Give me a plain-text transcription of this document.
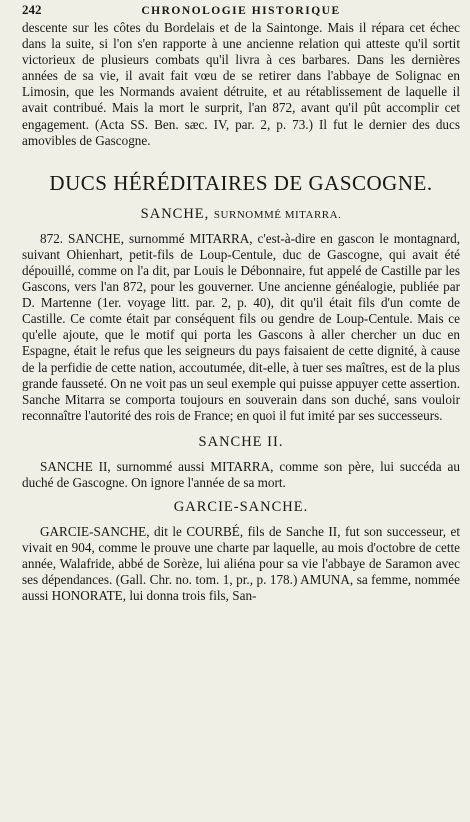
242	CHRONOLOGIE HISTORIQUE

descente sur les côtes du Bordelais et de la Saintonge. Mais il répara cet échec dans la suite, si l'on s'en rapporte à une ancienne relation qui atteste qu'il sortit victorieux de plusieurs combats qu'il livra à ces barbares. Dans les dernières années de sa vie, il avait fait vœu de se retirer dans l'abbaye de Solignac en Limosin, que les Normands avaient détruite, et au rétablissement de laquelle il avait contribué. Mais la mort le surprit, l'an 872, avant qu'il pût accomplir cet engagement. (Acta SS. Ben. sæc. IV, par. 2, p. 73.) Il fut le dernier des ducs amovibles de Gascogne.

DUCS HÉRÉDITAIRES DE GASCOGNE.
SANCHE, SURNOMMÉ MITARRA.

872. SANCHE, surnommé MITARRA, c'est-à-dire en gascon le montagnard, suivant Ohienhart, petit-fils de Loup-Centule, duc de Gascogne, qui avait été dépouillé, comme on l'a dit, par Louis le Débonnaire, fut appelé de Castille par les Gascons, vers l'an 872, pour les gouverner. Une ancienne généalogie, publiée par D. Martenne (1er. voyage litt. par. 2, p. 40), dit qu'il était fils d'un comte de Castille. Ce comte était par conséquent fils ou gendre de Loup-Centule. Mais ce qu'elle ajoute, que le motif qui porta les Gascons à aller chercher un duc en Espagne, était le refus que les seigneurs du pays faisaient de cette dignité, à cause de la perfidie de cette nation, accoutumée, dit-elle, à tuer ses maîtres, est de la plus grande fausseté. On ne voit pas un seul exemple qui puisse appuyer cette assertion. Sanche Mitarra se comporta toujours en souverain dans son duché, sans vouloir reconnaître l'autorité des rois de France; en quoi il fut imité par ses successeurs.

SANCHE II.

SANCHE II, surnommé aussi MITARRA, comme son père, lui succéda au duché de Gascogne. On ignore l'année de sa mort.

GARCIE-SANCHE.

GARCIE-SANCHE, dit le COURBÉ, fils de Sanche II, fut son successeur, et vivait en 904, comme le prouve une charte par laquelle, au mois d'octobre de cette année, Walafride, abbé de Sorèze, lui aliéna pour sa vie l'abbaye de Saramon avec ses dépendances. (Gall. Chr. no. tom. 1, pr., p. 178.) AMUNA, sa femme, nommée aussi HONORATE, lui donna trois fils, San-
